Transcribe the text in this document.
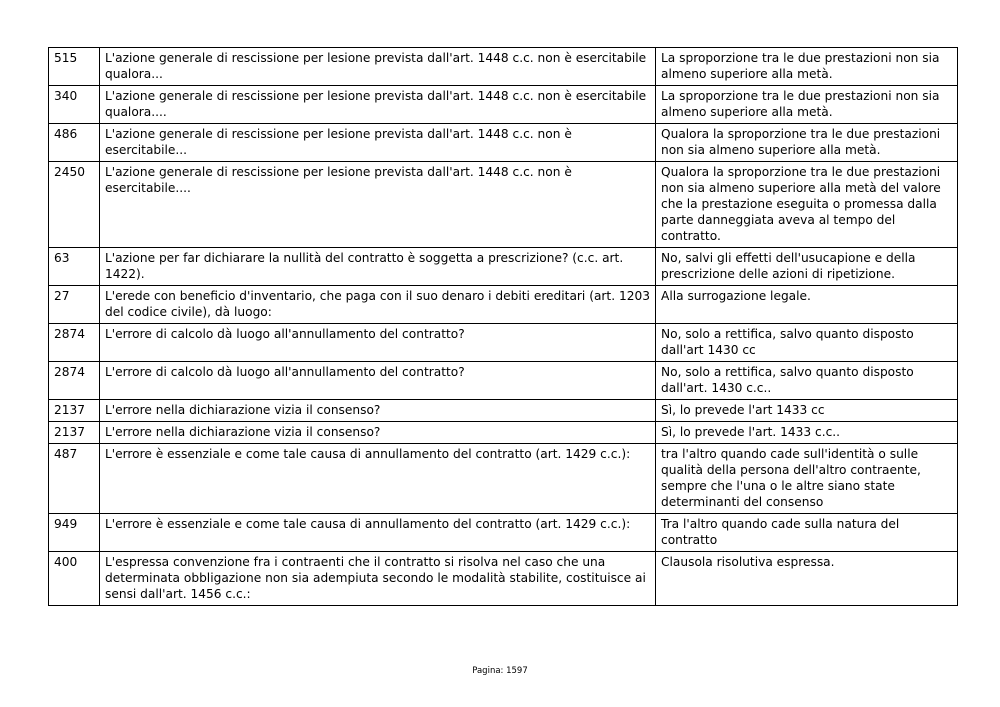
515	L'azione generale di rescissione per lesione prevista dall'art. 1448 c.c. non è esercitabile qualora...	La sproporzione tra le due prestazioni non sia almeno superiore alla metà.
340	L'azione generale di rescissione per lesione prevista dall'art. 1448 c.c. non è esercitabile qualora....	La sproporzione tra le due prestazioni non sia almeno superiore alla metà.
486	L'azione generale di rescissione per lesione prevista dall'art. 1448 c.c. non è esercitabile...	Qualora la sproporzione tra le due prestazioni non sia almeno superiore alla metà.
2450	L'azione generale di rescissione per lesione prevista dall'art. 1448 c.c. non è esercitabile....	Qualora la sproporzione tra le due prestazioni non sia almeno superiore alla metà del valore che la prestazione eseguita o promessa dalla parte danneggiata aveva al tempo del contratto.
63	L'azione per far dichiarare la nullità del contratto è soggetta a prescrizione? (c.c. art. 1422).	No, salvi gli effetti dell'usucapione e della prescrizione delle azioni di ripetizione.
27	L'erede con beneficio d'inventario, che paga con il suo denaro i debiti ereditari (art. 1203 del codice civile), dà luogo:	Alla surrogazione legale.
2874	L'errore di calcolo dà luogo all'annullamento del contratto?	No, solo a rettifica, salvo quanto disposto dall'art 1430 cc
2874	L'errore di calcolo dà luogo all'annullamento del contratto?	No, solo a rettifica, salvo quanto disposto dall'art. 1430 c.c..
2137	L'errore nella dichiarazione vizia il consenso?	Sì, lo prevede l'art 1433 cc
2137	L'errore nella dichiarazione vizia il consenso?	Sì, lo prevede l'art. 1433 c.c..
487	L'errore è essenziale e come tale causa di annullamento del contratto (art. 1429 c.c.):	tra l'altro quando cade sull'identità o sulle qualità della persona dell'altro contraente, sempre che l'una o le altre siano state determinanti del consenso
949	L'errore è essenziale e come tale causa di annullamento del contratto (art. 1429 c.c.):	Tra l'altro quando cade sulla natura del contratto
400	L'espressa convenzione fra i contraenti che il contratto si risolva nel caso che una determinata obbligazione non sia adempiuta secondo le modalità stabilite, costituisce ai sensi dall'art. 1456 c.c.:	Clausola risolutiva espressa.
Pagina: 1597
